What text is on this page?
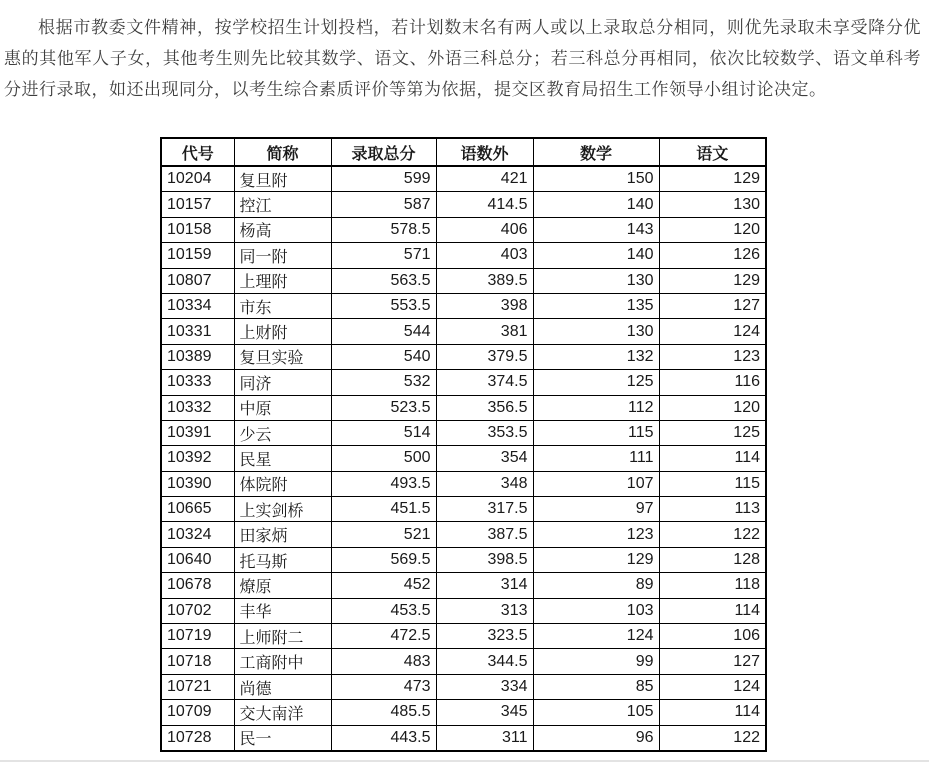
根据市教委文件精神，按学校招生计划投档，若计划数末名有两人或以上录取总分相同，则优先录取未享受降分优惠的其他军人子女，其他考生则先比较其数学、语文、外语三科总分；若三科总分再相同，依次比较数学、语文单科考分进行录取，如还出现同分，以考生综合素质评价等第为依据，提交区教育局招生工作领导小组讨论决定。

代号	简称	录取总分	语数外	数学	语文
10204	复旦附	599	421	150	129
10157	控江	587	414.5	140	130
10158	杨高	578.5	406	143	120
10159	同一附	571	403	140	126
10807	上理附	563.5	389.5	130	129
10334	市东	553.5	398	135	127
10331	上财附	544	381	130	124
10389	复旦实验	540	379.5	132	123
10333	同济	532	374.5	125	116
10332	中原	523.5	356.5	112	120
10391	少云	514	353.5	115	125
10392	民星	500	354	111	114
10390	体院附	493.5	348	107	115
10665	上实剑桥	451.5	317.5	97	113
10324	田家炳	521	387.5	123	122
10640	托马斯	569.5	398.5	129	128
10678	燎原	452	314	89	118
10702	丰华	453.5	313	103	114
10719	上师附二	472.5	323.5	124	106
10718	工商附中	483	344.5	99	127
10721	尚德	473	334	85	124
10709	交大南洋	485.5	345	105	114
10728	民一	443.5	311	96	122
